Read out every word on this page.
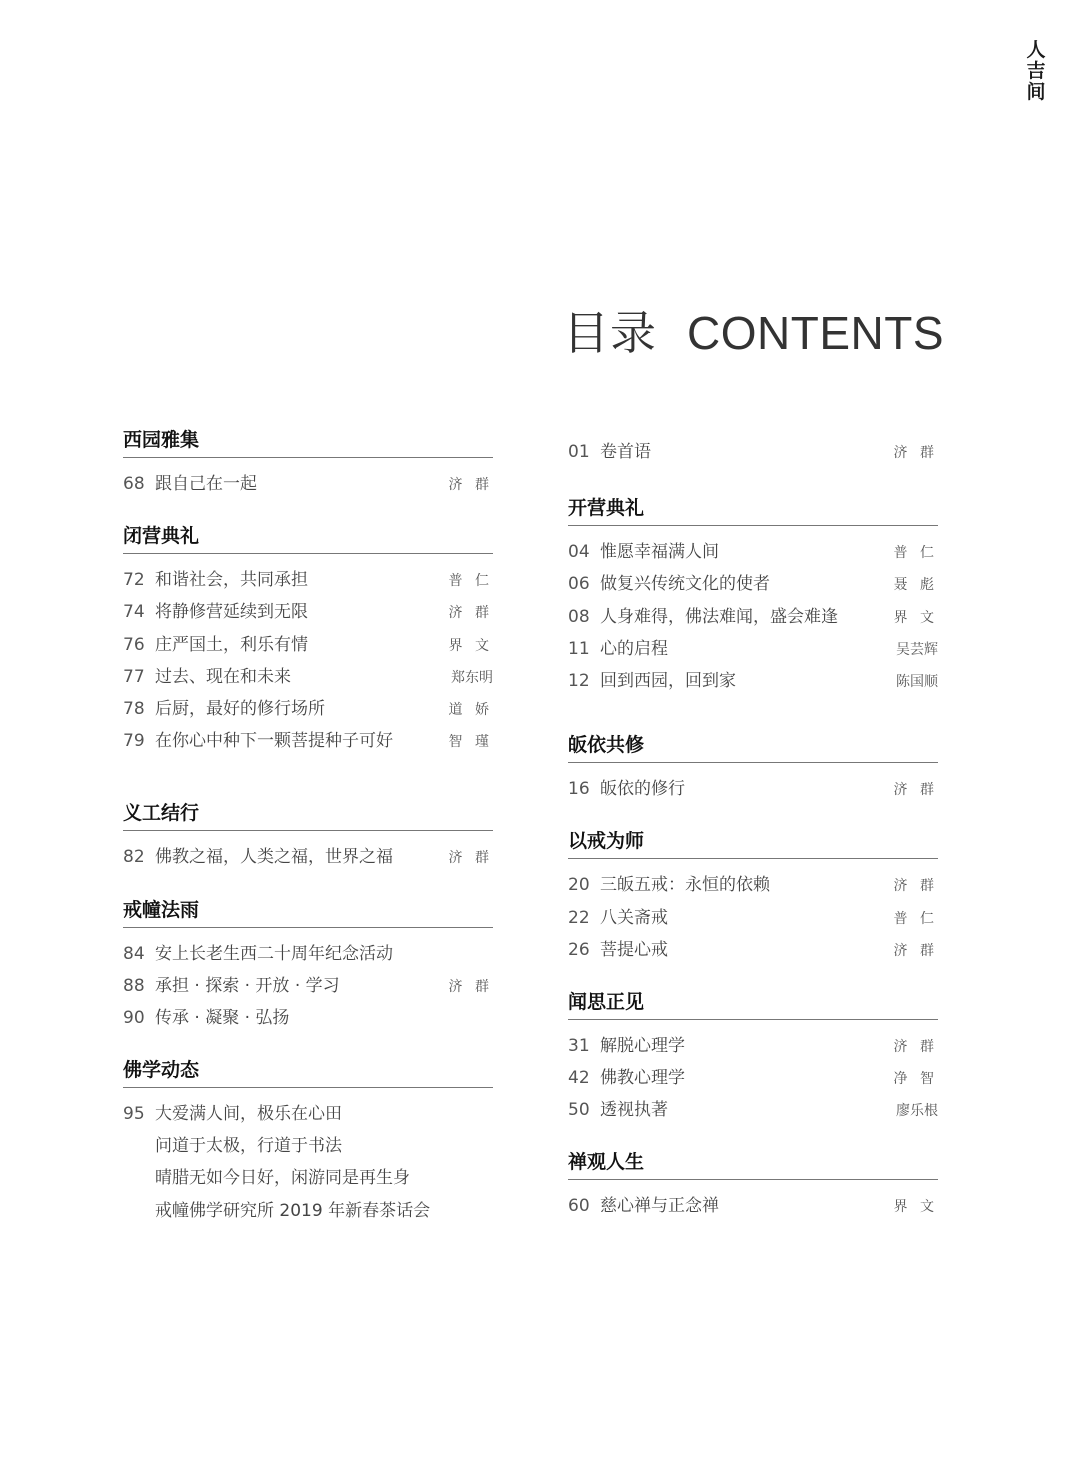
人
吉
间
目录 CONTENTS
西园雅集
68 跟自己在一起	济 群
闭营典礼
72 和谐社会，共同承担	普 仁
74 将静修营延续到无限	济 群
76 庄严国土，利乐有情	界 文
77 过去、现在和未来	郑东明
78 后厨，最好的修行场所	道 娇
79 在你心中种下一颗菩提种子可好	智 瑾
义工结行
82 佛教之福，人类之福，世界之福	济 群
戒幢法雨
84 安上长老生西二十周年纪念活动
88 承担 · 探索 · 开放 · 学习	济 群
90 传承 · 凝聚 · 弘扬
佛学动态
95 大爱满人间，极乐在心田
问道于太极，行道于书法
晴腊无如今日好，闲游同是再生身
戒幢佛学研究所 2019 年新春茶话会
01 卷首语	济 群
开营典礼
04 惟愿幸福满人间	普 仁
06 做复兴传统文化的使者	聂 彪
08 人身难得，佛法难闻，盛会难逢	界 文
11 心的启程	吴芸辉
12 回到西园，回到家	陈国顺
皈依共修
16 皈依的修行	济 群
以戒为师
20 三皈五戒：永恒的依赖	济 群
22 八关斋戒	普 仁
26 菩提心戒	济 群
闻思正见
31 解脱心理学	济 群
42 佛教心理学	净 智
50 透视执著	廖乐根
禅观人生
60 慈心禅与正念禅	界 文
